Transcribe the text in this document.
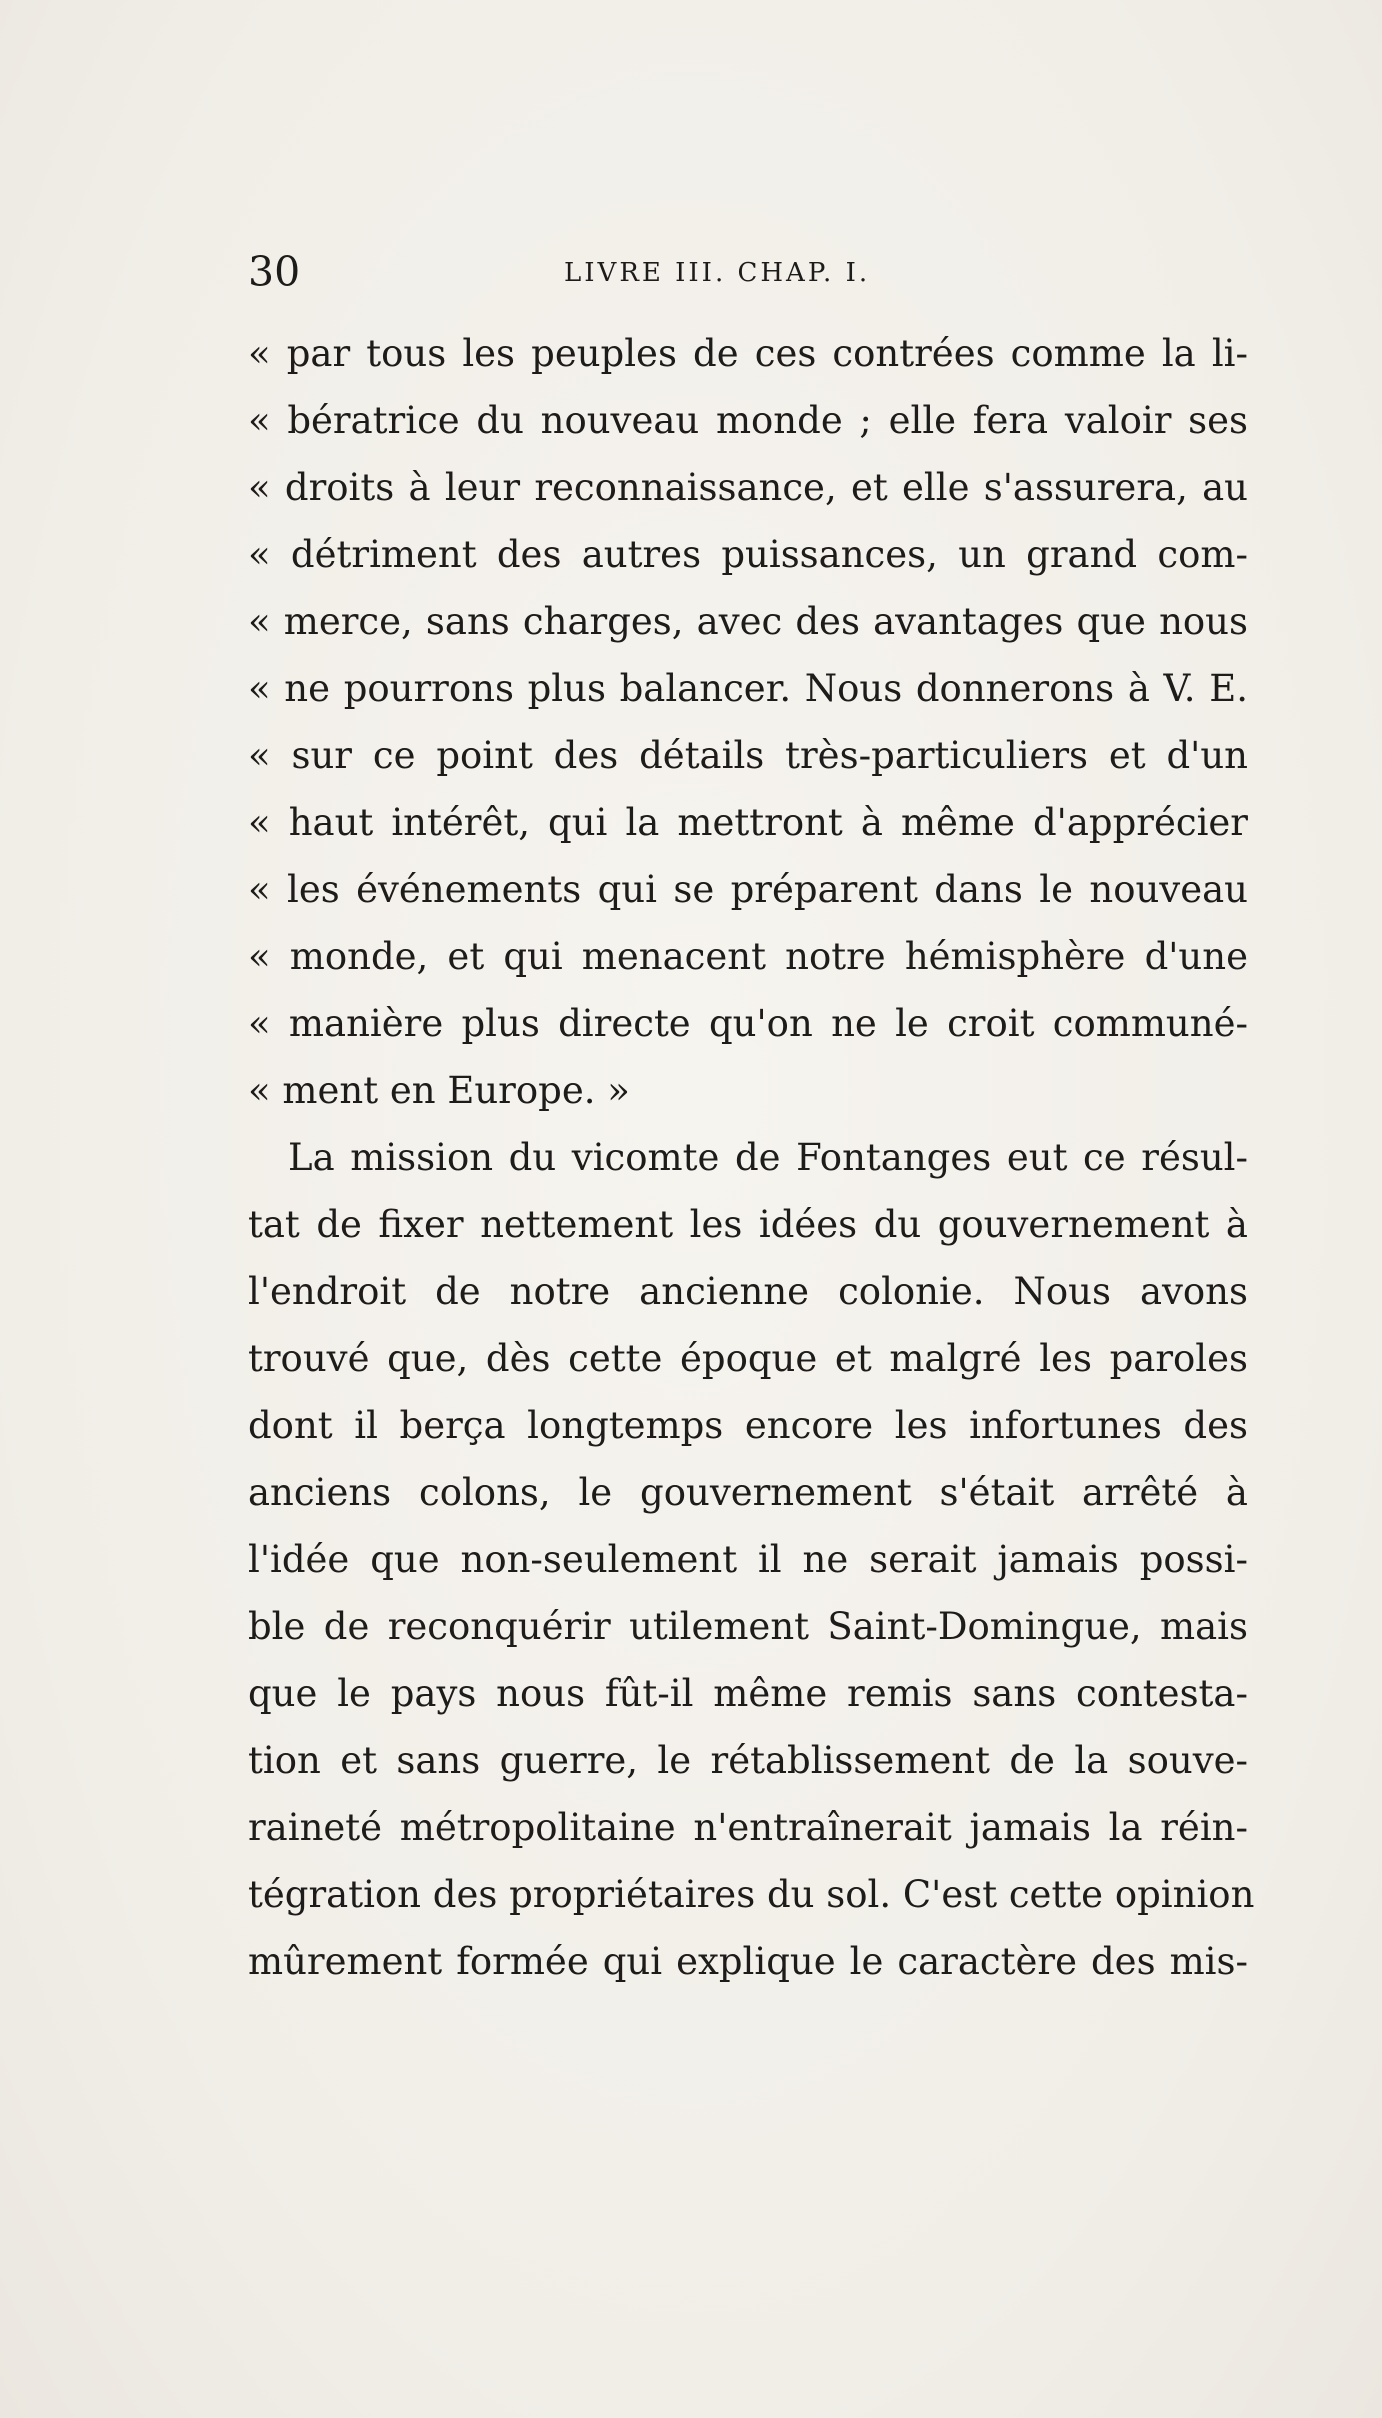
30	LIVRE III. CHAP. I.
« par tous les peuples de ces contrées comme la li-
« bératrice du nouveau monde ; elle fera valoir ses
« droits à leur reconnaissance, et elle s'assurera, au
« détriment des autres puissances, un grand com-
« merce, sans charges, avec des avantages que nous
« ne pourrons plus balancer. Nous donnerons à V. E.
« sur ce point des détails très-particuliers et d'un
« haut intérêt, qui la mettront à même d'apprécier
« les événements qui se préparent dans le nouveau
« monde, et qui menacent notre hémisphère d'une
« manière plus directe qu'on ne le croit communé-
« ment en Europe. »
La mission du vicomte de Fontanges eut ce résul-
tat de fixer nettement les idées du gouvernement à
l'endroit de notre ancienne colonie. Nous avons
trouvé que, dès cette époque et malgré les paroles
dont il berça longtemps encore les infortunes des
anciens colons, le gouvernement s'était arrêté à
l'idée que non-seulement il ne serait jamais possi-
ble de reconquérir utilement Saint-Domingue, mais
que le pays nous fût-il même remis sans contesta-
tion et sans guerre, le rétablissement de la souve-
raineté métropolitaine n'entraînerait jamais la réin-
tégration des propriétaires du sol. C'est cette opinion
mûrement formée qui explique le caractère des mis-
